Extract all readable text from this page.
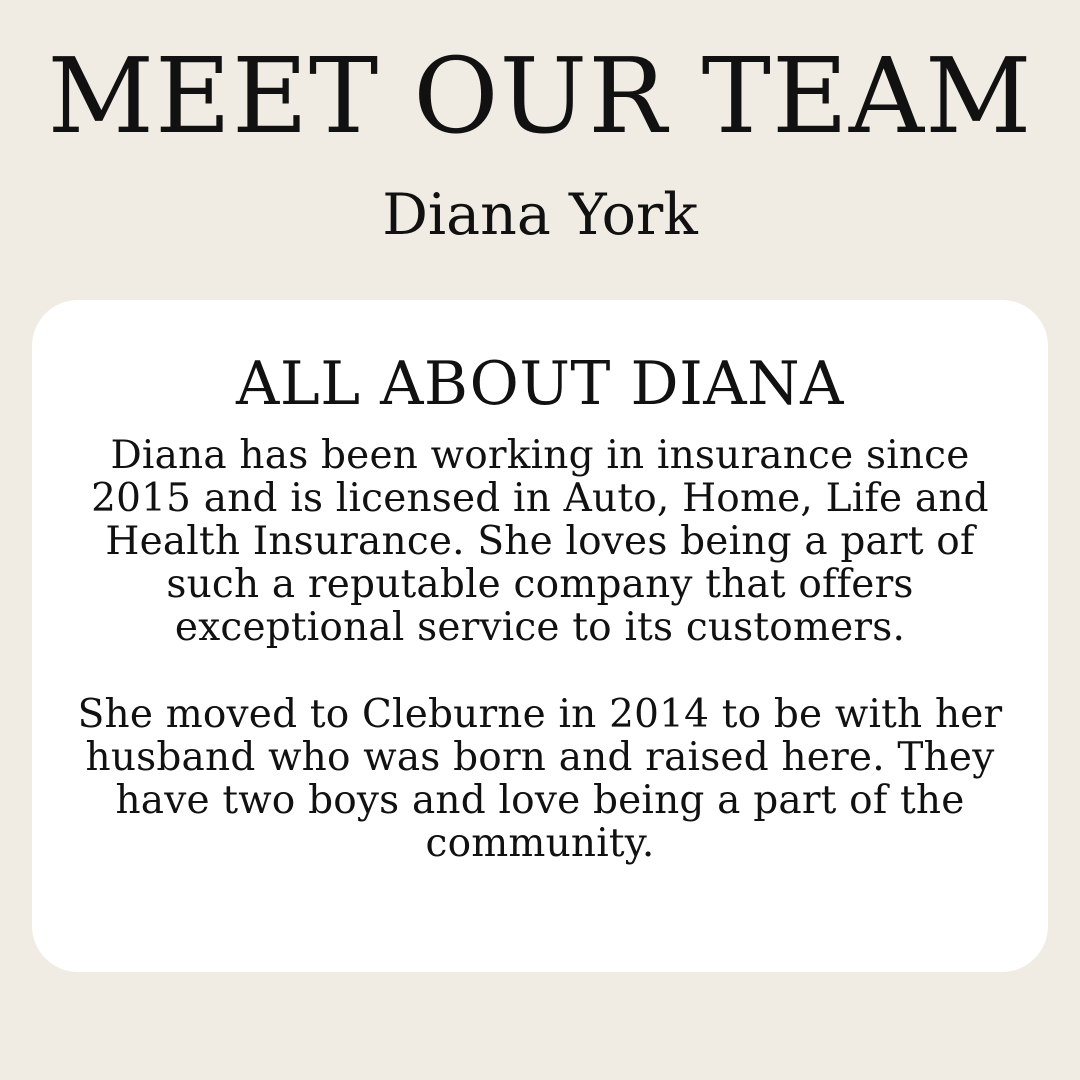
MEET OUR TEAM
Diana York
ALL ABOUT DIANA

Diana has been working in insurance since 2015 and is licensed in Auto, Home, Life and Health Insurance. She loves being a part of such a reputable company that offers exceptional service to its customers.

She moved to Cleburne in 2014 to be with her husband who was born and raised here. They have two boys and love being a part of the community.
